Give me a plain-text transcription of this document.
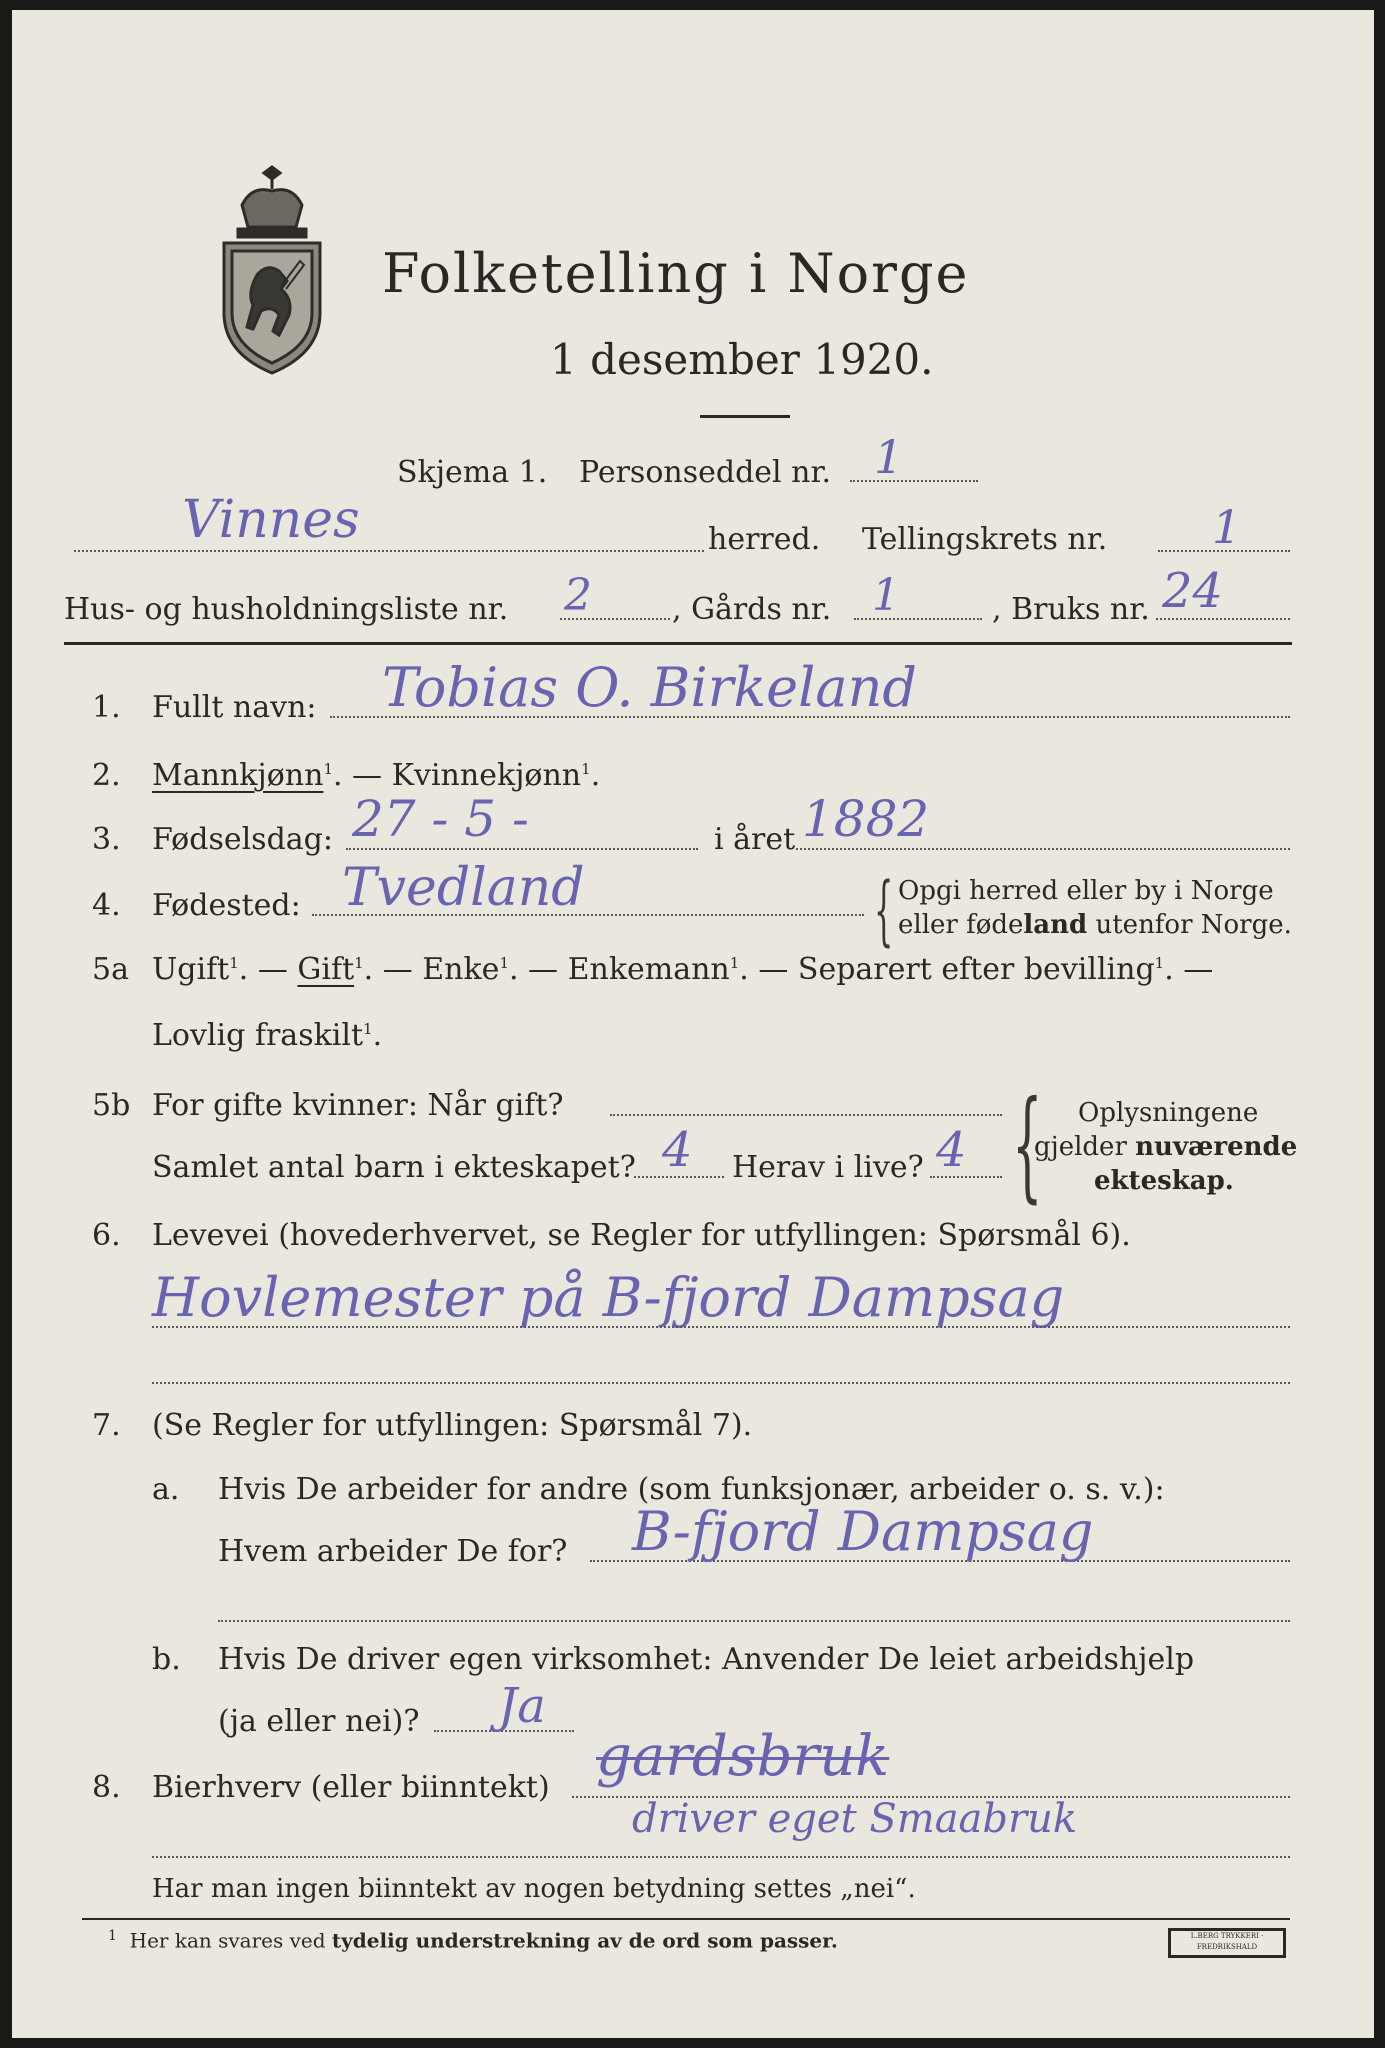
Folketelling i Norge
1 desember 1920.
Skjema 1. Personseddel nr. 1
Vinnes	herred. Tellingskrets nr. 1
Hus- og husholdningsliste nr. 2	, Gårds nr. 1	, Bruks nr. 24
1. Fullt navn: Tobias O. Birkeland
2. Mannkjønn$^1$. — Kvinnekjønn$^1$.
3. Fødselsdag: 27 - 5 -	i året 1882
4. Fødested: Tvedland	{ Opgi herred eller by i Norge
eller fødeland utenfor Norge.
5a Ugift$^1$. — Gift$^1$. — Enke$^1$. — Enkemann$^1$. — Separert efter bevilling$^1$. —
Lovlig fraskilt$^1$.
5b For gifte kvinner: Når gift?
Samlet antal barn i ekteskapet? 4 Herav i live? 4 { Oplysningene
gjelder nuværende
ekteskap.
6. Levevei (hovederhvervet, se Regler for utfyllingen: Spørsmål 6).
Hovlemester på B-fjord Dampsag
7. (Se Regler for utfyllingen: Spørsmål 7).
a. Hvis De arbeider for andre (som funksjonær, arbeider o. s. v.):
Hvem arbeider De for? B-fjord Dampsag
b. Hvis De driver egen virksomhet: Anvender De leiet arbeidshjelp
(ja eller nei)? Ja
8. Bierhverv (eller biinntekt) gardsbruk
driver eget Smaabruk
Har man ingen biinntekt av nogen betydning settes „nei“.
$^1$ Her kan svares ved tydelig understrekning av de ord som passer.	L.BERG TRYKKERI · FREDRIKSHALD
